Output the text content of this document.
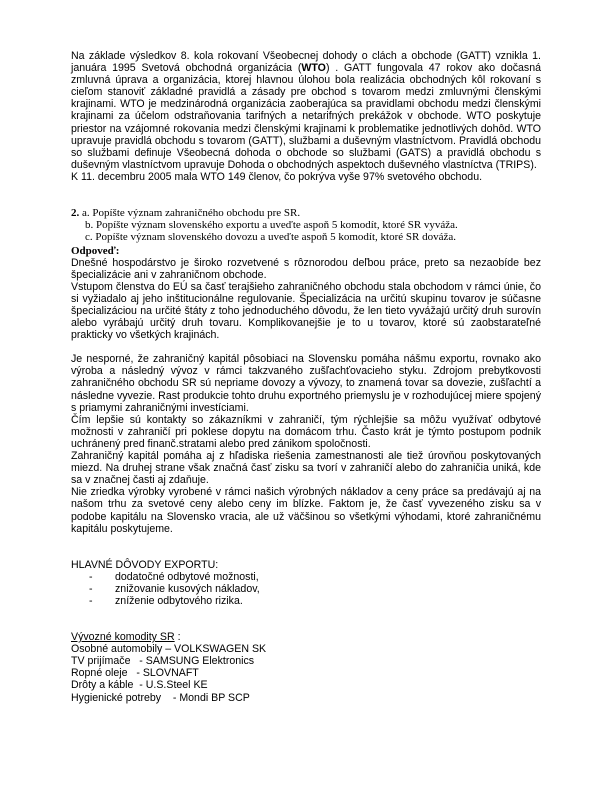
Na základe výsledkov 8. kola rokovaní Všeobecnej dohody o clách a obchode (GATT) vznikla 1. januára 1995 Svetová obchodná organizácia (WTO) . GATT fungovala 47 rokov ako dočasná zmluvná úprava a organizácia, ktorej hlavnou úlohou bola realizácia obchodných kôl rokovaní s cieľom stanoviť základné pravidlá a zásady pre obchod s tovarom medzi zmluvnými členskými krajinami. WTO je medzinárodná organizácia zaoberajúca sa pravidlami obchodu medzi členskými krajinami za účelom odstraňovania tarifných a netarifných prekážok v obchode. WTO poskytuje priestor na vzájomné rokovania medzi členskými krajinami k problematike jednotlivých dohôd. WTO upravuje pravidlá obchodu s tovarom (GATT), službami a duševným vlastníctvom. Pravidlá obchodu so službami definuje Všeobecná dohoda o obchode so službami (GATS) a pravidlá obchodu s duševným vlastníctvom upravuje Dohoda o obchodných aspektoch duševného vlastníctva (TRIPS).

K 11. decembru 2005 mala WTO 149 členov, čo pokrýva vyše 97% svetového obchodu.

2. a. Popíšte význam zahraničného obchodu pre SR.
b. Popíšte význam slovenského exportu a uveďte aspoň 5 komodít, ktoré SR vyváža.
c. Popíšte význam slovenského dovozu a uveďte aspoň 5 komodít, ktoré SR dováža.
Odpoveď:

Dnešné hospodárstvo je široko rozvetvené s rôznorodou deľbou práce, preto sa nezaobíde bez špecializácie ani v zahraničnom obchode.

Vstupom členstva do EÚ sa časť terajšieho zahraničného obchodu stala obchodom v rámci únie, čo si vyžiadalo aj jeho inštitucionálne regulovanie. Špecializácia na určitú skupinu tovarov je súčasne špecializáciou na určité štáty z toho jednoduchého dôvodu, že len tieto vyvážajú určitý druh surovín alebo vyrábajú určitý druh tovaru. Komplikovanejšie je to u tovarov, ktoré sú zaobstarateľné prakticky vo všetkých krajinách.

Je nesporné, že zahraničný kapitál pôsobiaci na Slovensku pomáha nášmu exportu, rovnako ako výroba a následný vývoz v rámci takzvaného zušľachťovacieho styku. Zdrojom prebytkovosti zahraničného obchodu SR sú nepriame dovozy a vývozy, to znamená tovar sa dovezie, zušľachtí a následne vyvezie. Rast produkcie tohto druhu exportného priemyslu je v rozhodujúcej miere spojený s priamymi zahraničnými investíciami.

Čím lepšie sú kontakty so zákazníkmi v zahraničí, tým rýchlejšie sa môžu využívať odbytové možnosti v zahraničí pri poklese dopytu na domácom trhu. Často krát je týmto postupom podnik uchránený pred finanč.stratami alebo pred zánikom spoločnosti.

Zahraničný kapitál pomáha aj z hľadiska riešenia zamestnanosti ale tiež úrovňou poskytovaných miezd. Na druhej strane však značná časť zisku sa tvorí v zahraničí alebo do zahraničia uniká, kde sa v značnej časti aj zdaňuje.

Nie zriedka výrobky vyrobené v rámci našich výrobných nákladov a ceny práce sa predávajú aj na našom trhu za svetové ceny alebo ceny im blízke. Faktom je, že časť vyvezeného zisku sa v podobe kapitálu na Slovensko vracia, ale už väčšinou so všetkými výhodami, ktoré zahraničnému kapitálu poskytujeme.

HLAVNÉ DÔVODY EXPORTU:

- dodatočné odbytové možnosti,
- znižovanie kusových nákladov,
- zníženie odbytového rizika.

Vývozné komodity SR :

Osobné automobily – VOLKSWAGEN SK

TV prijímače   - SAMSUNG Elektronics

Ropné oleje   - SLOVNAFT

Drôty a káble  - U.S.Steel KE

Hygienické potreby    - Mondi BP SCP
